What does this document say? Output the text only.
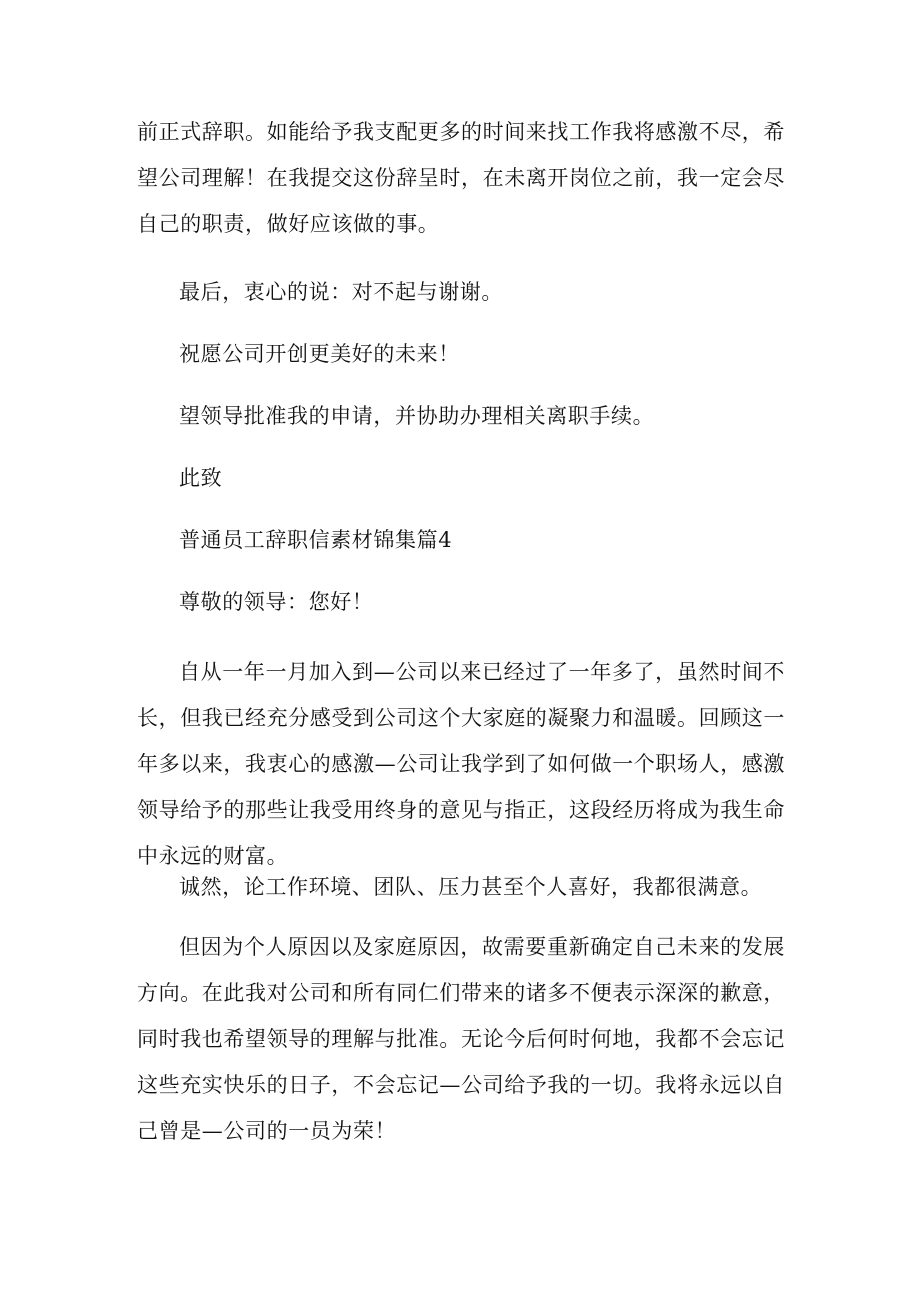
前正式辞职。如能给予我支配更多的时间来找工作我将感激不尽，希望公司理解！在我提交这份辞呈时，在未离开岗位之前，我一定会尽自己的职责，做好应该做的事。

最后，衷心的说：对不起与谢谢。

祝愿公司开创更美好的未来！

望领导批准我的申请，并协助办理相关离职手续。

此致

普通员工辞职信素材锦集篇4

尊敬的领导：您好！

自从一年一月加入到—公司以来已经过了一年多了，虽然时间不长，但我已经充分感受到公司这个大家庭的凝聚力和温暖。回顾这一年多以来，我衷心的感激—公司让我学到了如何做一个职场人，感激领导给予的那些让我受用终身的意见与指正，这段经历将成为我生命中永远的财富。

诚然，论工作环境、团队、压力甚至个人喜好，我都很满意。

但因为个人原因以及家庭原因，故需要重新确定自己未来的发展方向。在此我对公司和所有同仁们带来的诸多不便表示深深的歉意，同时我也希望领导的理解与批准。无论今后何时何地，我都不会忘记这些充实快乐的日子，不会忘记—公司给予我的一切。我将永远以自己曾是—公司的一员为荣！
